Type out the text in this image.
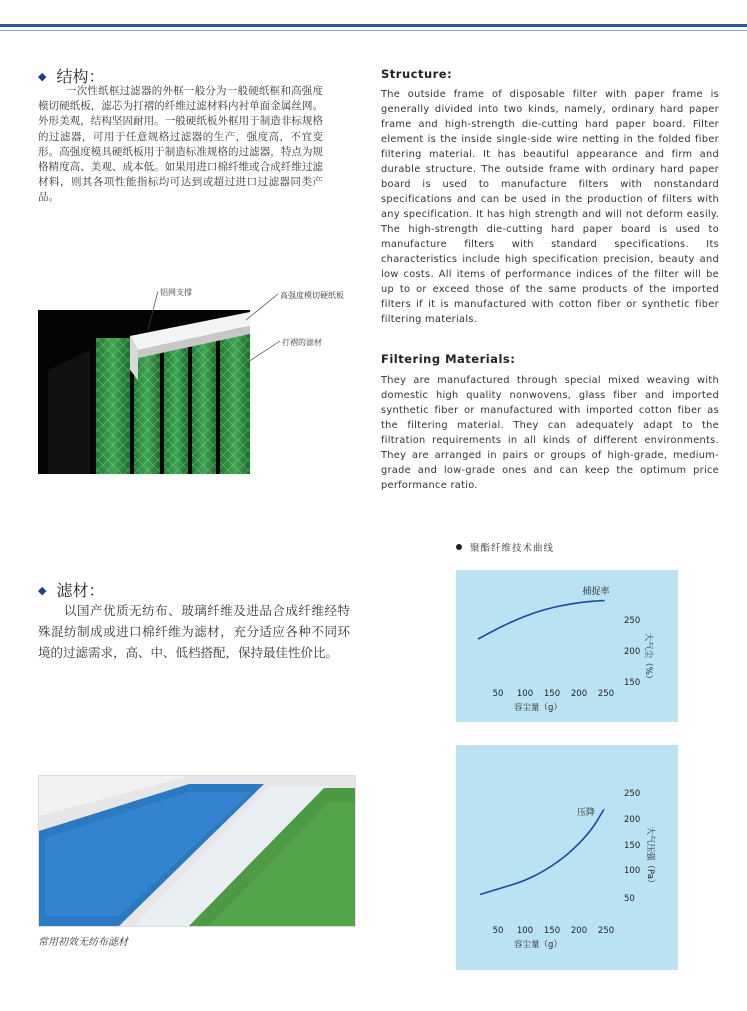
◆ 结构：
一次性纸框过滤器的外框一般分为一般硬纸框和高强度模切硬纸板，滤芯为打褶的纤维过滤材料内衬单面金属丝网。外形美观，结构坚固耐用。一般硬纸板外框用于制造非标规格的过滤器，可用于任意规格过滤器的生产，强度高，不宜变形。高强度模具硬纸板用于制造标准规格的过滤器，特点为规格精度高、美观、成本低。如果用进口棉纤维或合成纤维过滤材料，则其各项性能指标均可达到或超过进口过滤器同类产品。
Structure:
The outside frame of disposable filter with paper frame is generally divided into two kinds, namely, ordinary hard paper frame and high-strength die-cutting hard paper board. Filter element is the inside single-side wire netting in the folded fiber filtering material. It has beautiful appearance and firm and durable structure. The outside frame with ordinary hard paper board is used to manufacture filters with nonstandard specifications and can be used in the production of filters with any specification. It has high strength and will not deform easily. The high-strength die-cutting hard paper board is used to manufacture filters with standard specifications. Its characteristics include high specification precision, beauty and low costs. All items of performance indices of the filter will be up to or exceed those of the same products of the imported filters if it is manufactured with cotton fiber or synthetic fiber filtering materials.
铝网支撑	高强度模切硬纸板
打褶的滤材
Filtering Materials:
They are manufactured through special mixed weaving with domestic high quality nonwovens, glass fiber and imported synthetic fiber or manufactured with imported cotton fiber as the filtering material. They can adequately adapt to the filtration requirements in all kinds of different environments. They are arranged in pairs or groups of high-grade, medium-grade and low-grade ones and can keep the optimum price performance ratio.
◆ 滤材：
以国产优质无纺布、玻璃纤维及进品合成纤维经特殊混纺制成或进口棉纤维为滤材，充分适应各种不同环境的过滤需求，高、中、低档搭配，保持最佳性价比。
常用初效无纺布滤材
聚酯纤维技术曲线
捕捉率
150
200
250
50 100 150 200 250
容尘量（g）
大气尘（%）
压降
50
100
150
200
250
50 100 150 200 250
容尘量（g）
大气压强（Pa）
